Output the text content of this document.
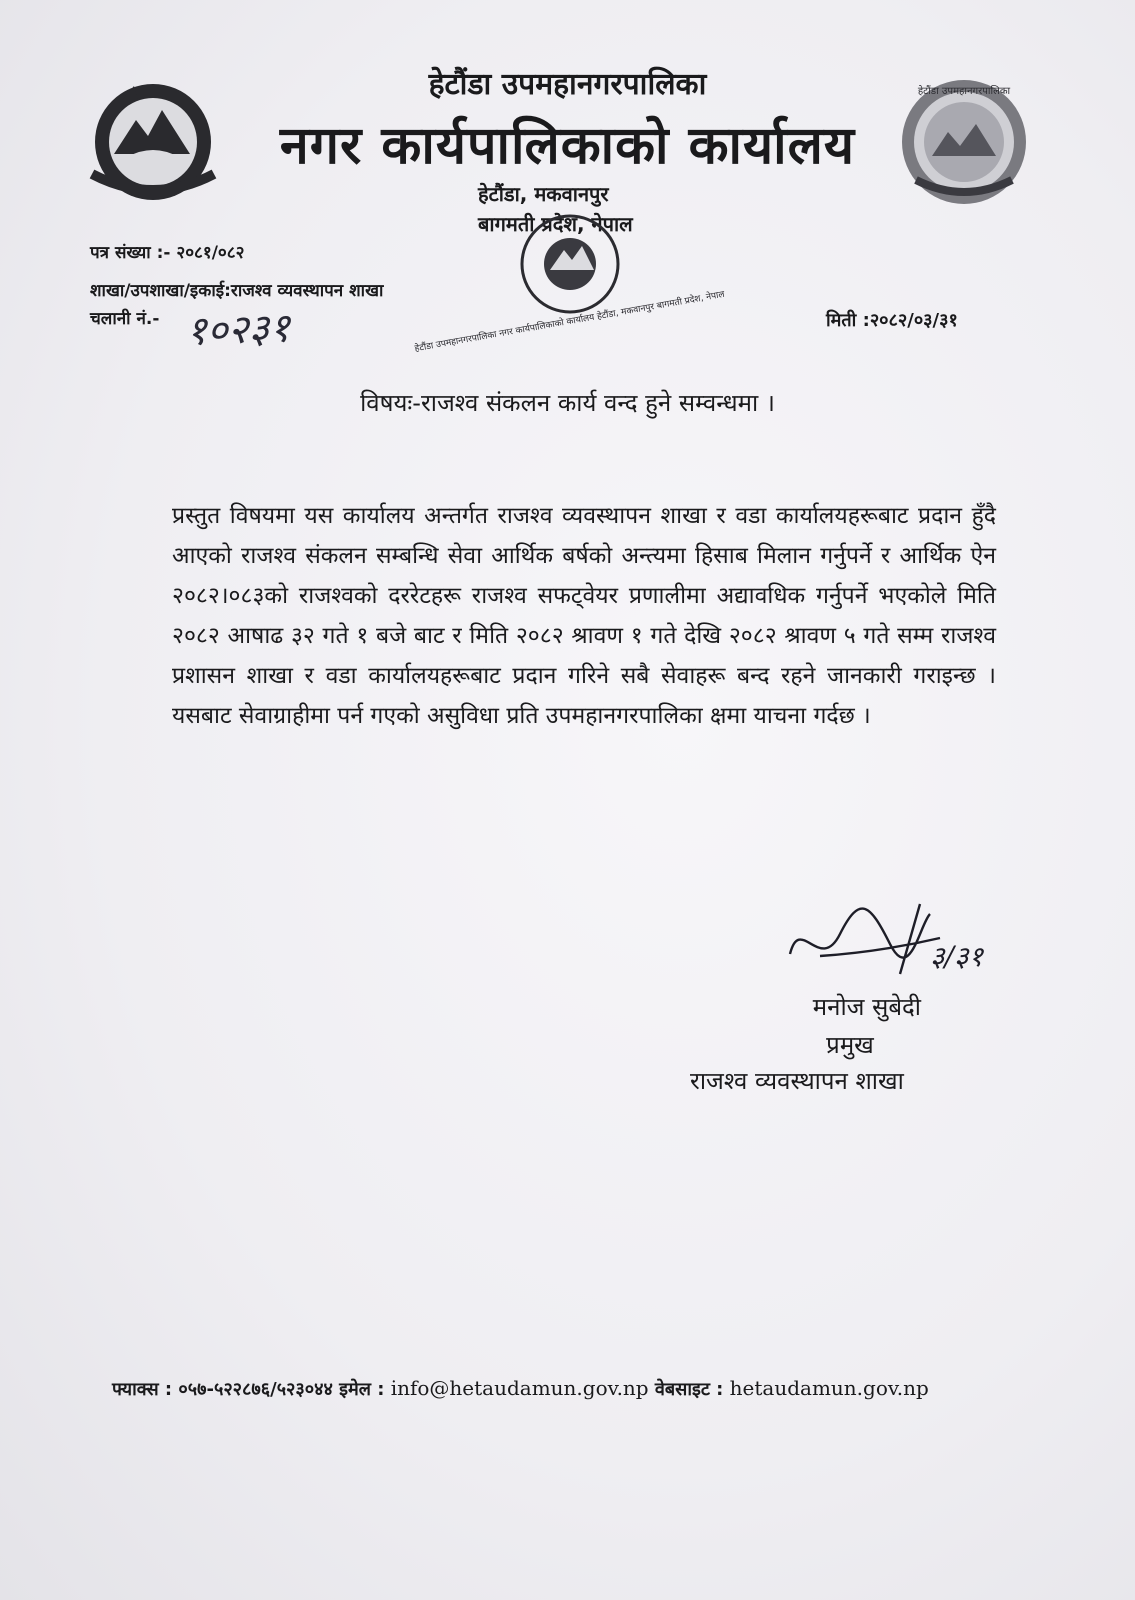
हेटौंडा उपमहानगरपालिका
हेटौंडा उपमहानगरपालिका
नगर कार्यपालिकाको कार्यालय
हेटौंडा, मकवानपुर
बागमती प्रदेश, नेपाल
हेटौंडा उपमहानगरपालिका नगर कार्यपालिकाको कार्यालय हेटौंडा, मकवानपुर बागमती प्रदेश, नेपाल
पत्र संख्या :- २०८१/०८२
शाखा/उपशाखा/इकाई:राजश्व व्यवस्थापन शाखा
चलानी नं.- १०२३१	मिती :२०८२/०३/३१
विषयः-राजश्व संकलन कार्य वन्द हुने सम्वन्धमा ।
प्रस्तुत विषयमा यस कार्यालय अन्तर्गत राजश्व व्यवस्थापन शाखा र वडा कार्यालयहरूबाट प्रदान हुँदै आएको राजश्व संकलन सम्बन्धि सेवा आर्थिक बर्षको अन्त्यमा हिसाब मिलान गर्नुपर्ने र आर्थिक ऐन २०८२।०८३को राजश्वको दररेटहरू राजश्व सफट्वेयर प्रणालीमा अद्यावधिक गर्नुपर्ने भएकोले मिति २०८२ आषाढ ३२ गते १ बजे बाट र मिति २०८२ श्रावण १ गते देखि २०८२ श्रावण ५ गते सम्म राजश्व प्रशासन शाखा र वडा कार्यालयहरूबाट प्रदान गरिने सबै सेवाहरू बन्द रहने जानकारी गराइन्छ । यसबाट सेवाग्राहीमा पर्न गएको असुविधा प्रति उपमहानगरपालिका क्षमा याचना गर्दछ ।
३/३१
मनोज सुबेदी
प्रमुख
राजश्व व्यवस्थापन शाखा
फ्याक्स : ०५७-५२२८७६/५२३०४४ इमेल : info@hetaudamun.gov.np वेबसाइट : hetaudamun.gov.np
